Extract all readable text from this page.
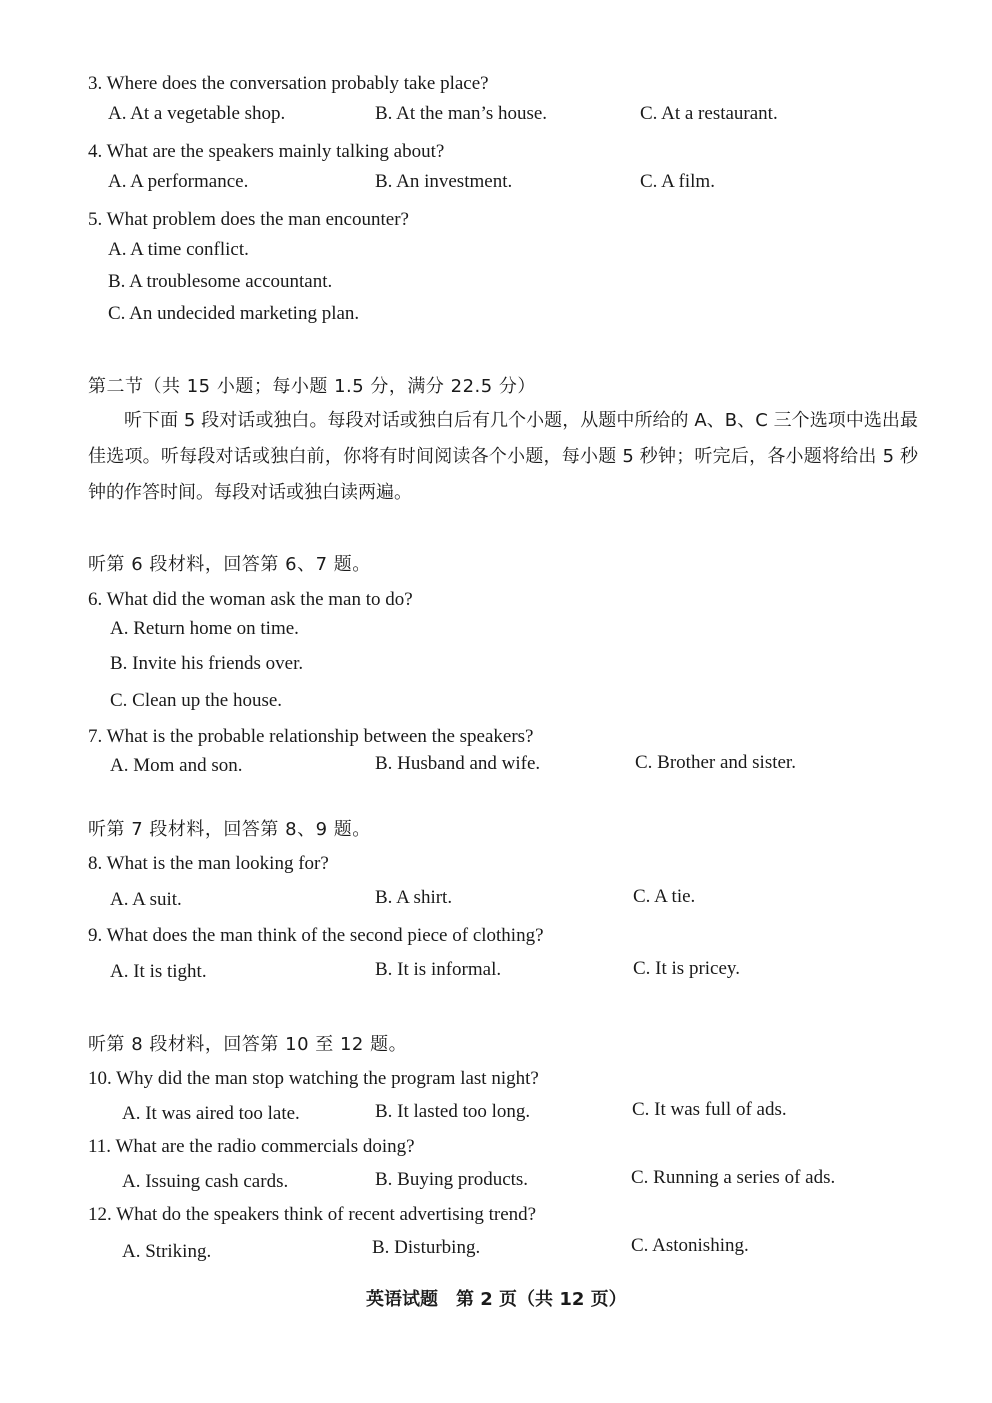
3. Where does the conversation probably take place?
A. At a vegetable shop.	B. At the man’s house.	C. At a restaurant.
4. What are the speakers mainly talking about?
A. A performance.	B. An investment.	C. A film.
5. What problem does the man encounter?
A. A time conflict.
B. A troublesome accountant.
C. An undecided marketing plan.
第二节（共 15 小题；每小题 1.5 分，满分 22.5 分）
听下面 5 段对话或独白。每段对话或独白后有几个小题，从题中所给的 A、B、C 三个选项中选出最佳选项。听每段对话或独白前，你将有时间阅读各个小题，每小题 5 秒钟；听完后，各小题将给出 5 秒钟的作答时间。每段对话或独白读两遍。
听第 6 段材料，回答第 6、7 题。
6. What did the woman ask the man to do?
A. Return home on time.
B. Invite his friends over.
C. Clean up the house.
7. What is the probable relationship between the speakers?
A. Mom and son.	B. Husband and wife.	C. Brother and sister.
听第 7 段材料，回答第 8、9 题。
8. What is the man looking for?
A. A suit.	B. A shirt.	C. A tie.
9. What does the man think of the second piece of clothing?
A. It is tight.	B. It is informal.	C. It is pricey.
听第 8 段材料，回答第 10 至 12 题。
10. Why did the man stop watching the program last night?
A. It was aired too late.	B. It lasted too long.	C. It was full of ads.
11. What are the radio commercials doing?
A. Issuing cash cards.	B. Buying products.	C. Running a series of ads.
12. What do the speakers think of recent advertising trend?
A. Striking.	B. Disturbing.	C. Astonishing.
英语试题　第 2 页（共 12 页）
